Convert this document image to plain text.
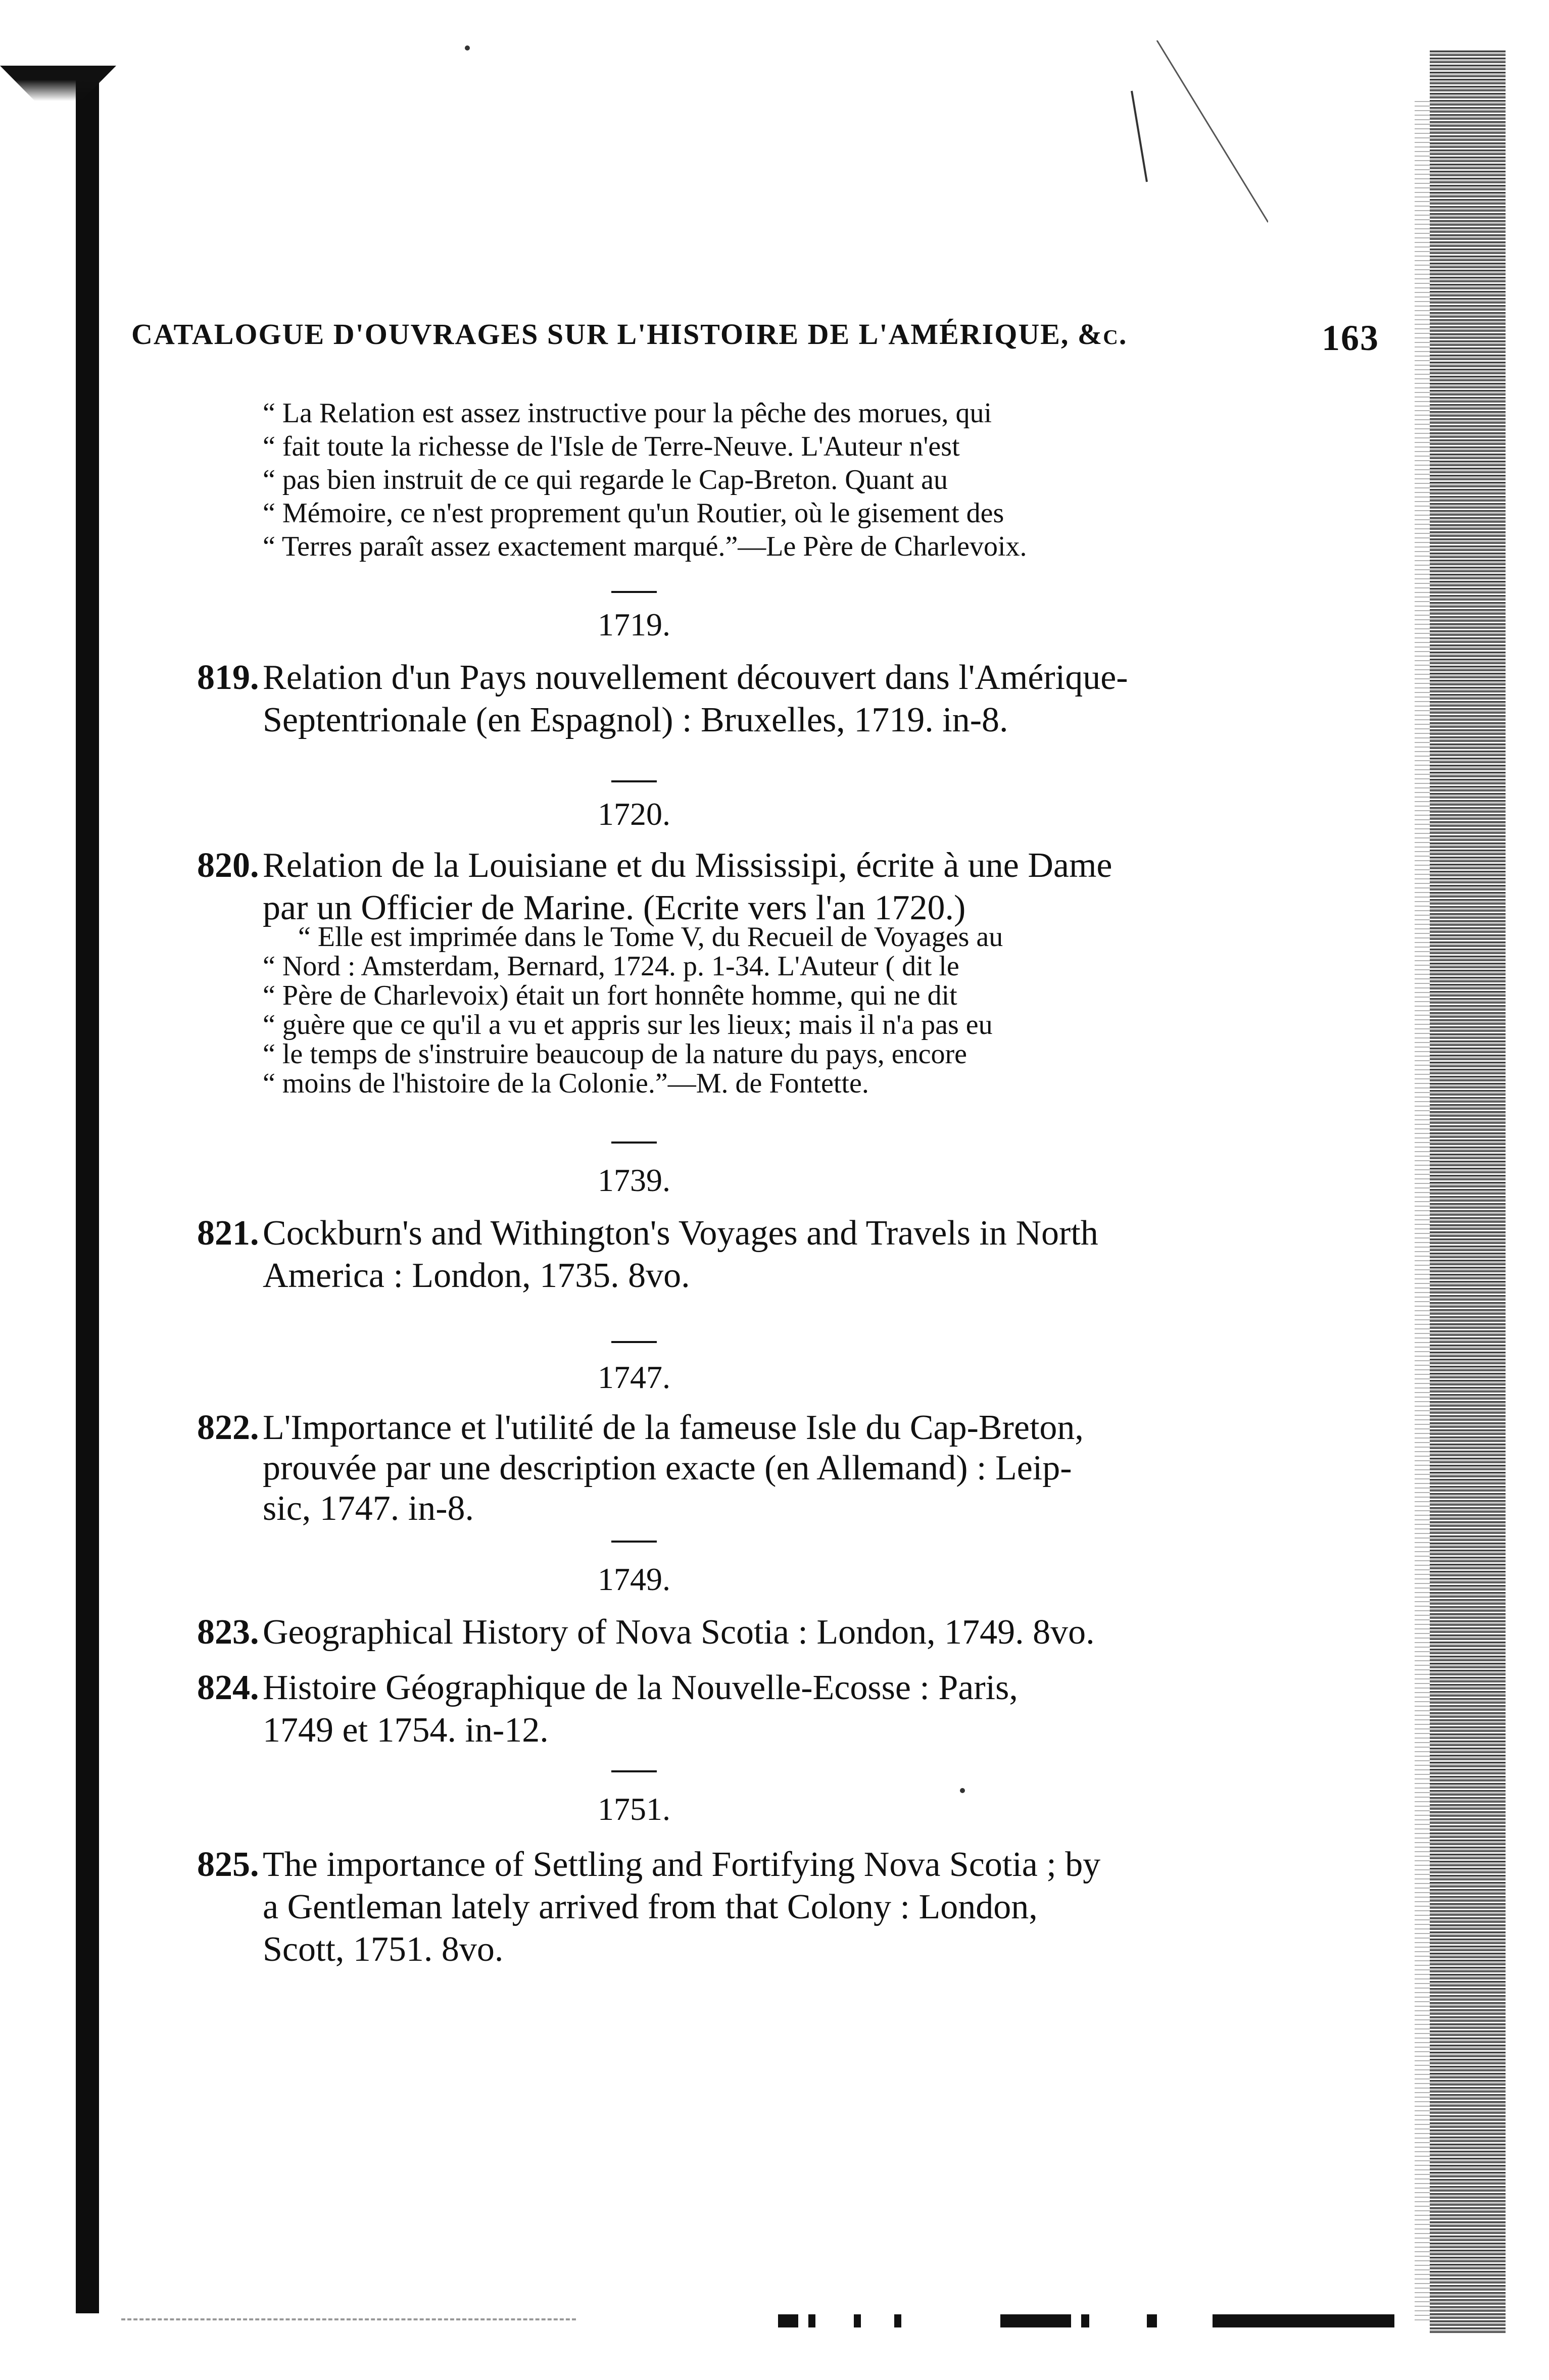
CATALOGUE D'OUVRAGES SUR L'HISTOIRE DE L'AMÉRIQUE, &c.	163
“ La Relation est assez instructive pour la pêche des morues, qui
“ fait toute la richesse de l'Isle de Terre-Neuve. L'Auteur n'est
“ pas bien instruit de ce qui regarde le Cap-Breton. Quant au
“ Mémoire, ce n'est proprement qu'un Routier, où le gisement des
“ Terres paraît assez exactement marqué.”—Le Père de Charlevoix.
1719.
819. Relation d'un Pays nouvellement découvert dans l'Amérique-
Septentrionale (en Espagnol) : Bruxelles, 1719. in-8.
1720.
820. Relation de la Louisiane et du Mississipi, écrite à une Dame
par un Officier de Marine. (Ecrite vers l'an 1720.)
“ Elle est imprimée dans le Tome V, du Recueil de Voyages au
“ Nord : Amsterdam, Bernard, 1724. p. 1-34. L'Auteur ( dit le
“ Père de Charlevoix) était un fort honnête homme, qui ne dit
“ guère que ce qu'il a vu et appris sur les lieux; mais il n'a pas eu
“ le temps de s'instruire beaucoup de la nature du pays, encore
“ moins de l'histoire de la Colonie.”—M. de Fontette.
1739.
821. Cockburn's and Withington's Voyages and Travels in North
America : London, 1735. 8vo.
1747.
822. L'Importance et l'utilité de la fameuse Isle du Cap-Breton,
prouvée par une description exacte (en Allemand) : Leip-
sic, 1747. in-8.
1749.
823. Geographical History of Nova Scotia : London, 1749. 8vo.
824. Histoire Géographique de la Nouvelle-Ecosse : Paris,
1749 et 1754. in-12.
1751.
825. The importance of Settling and Fortifying Nova Scotia ; by
a Gentleman lately arrived from that Colony : London,
Scott, 1751. 8vo.
